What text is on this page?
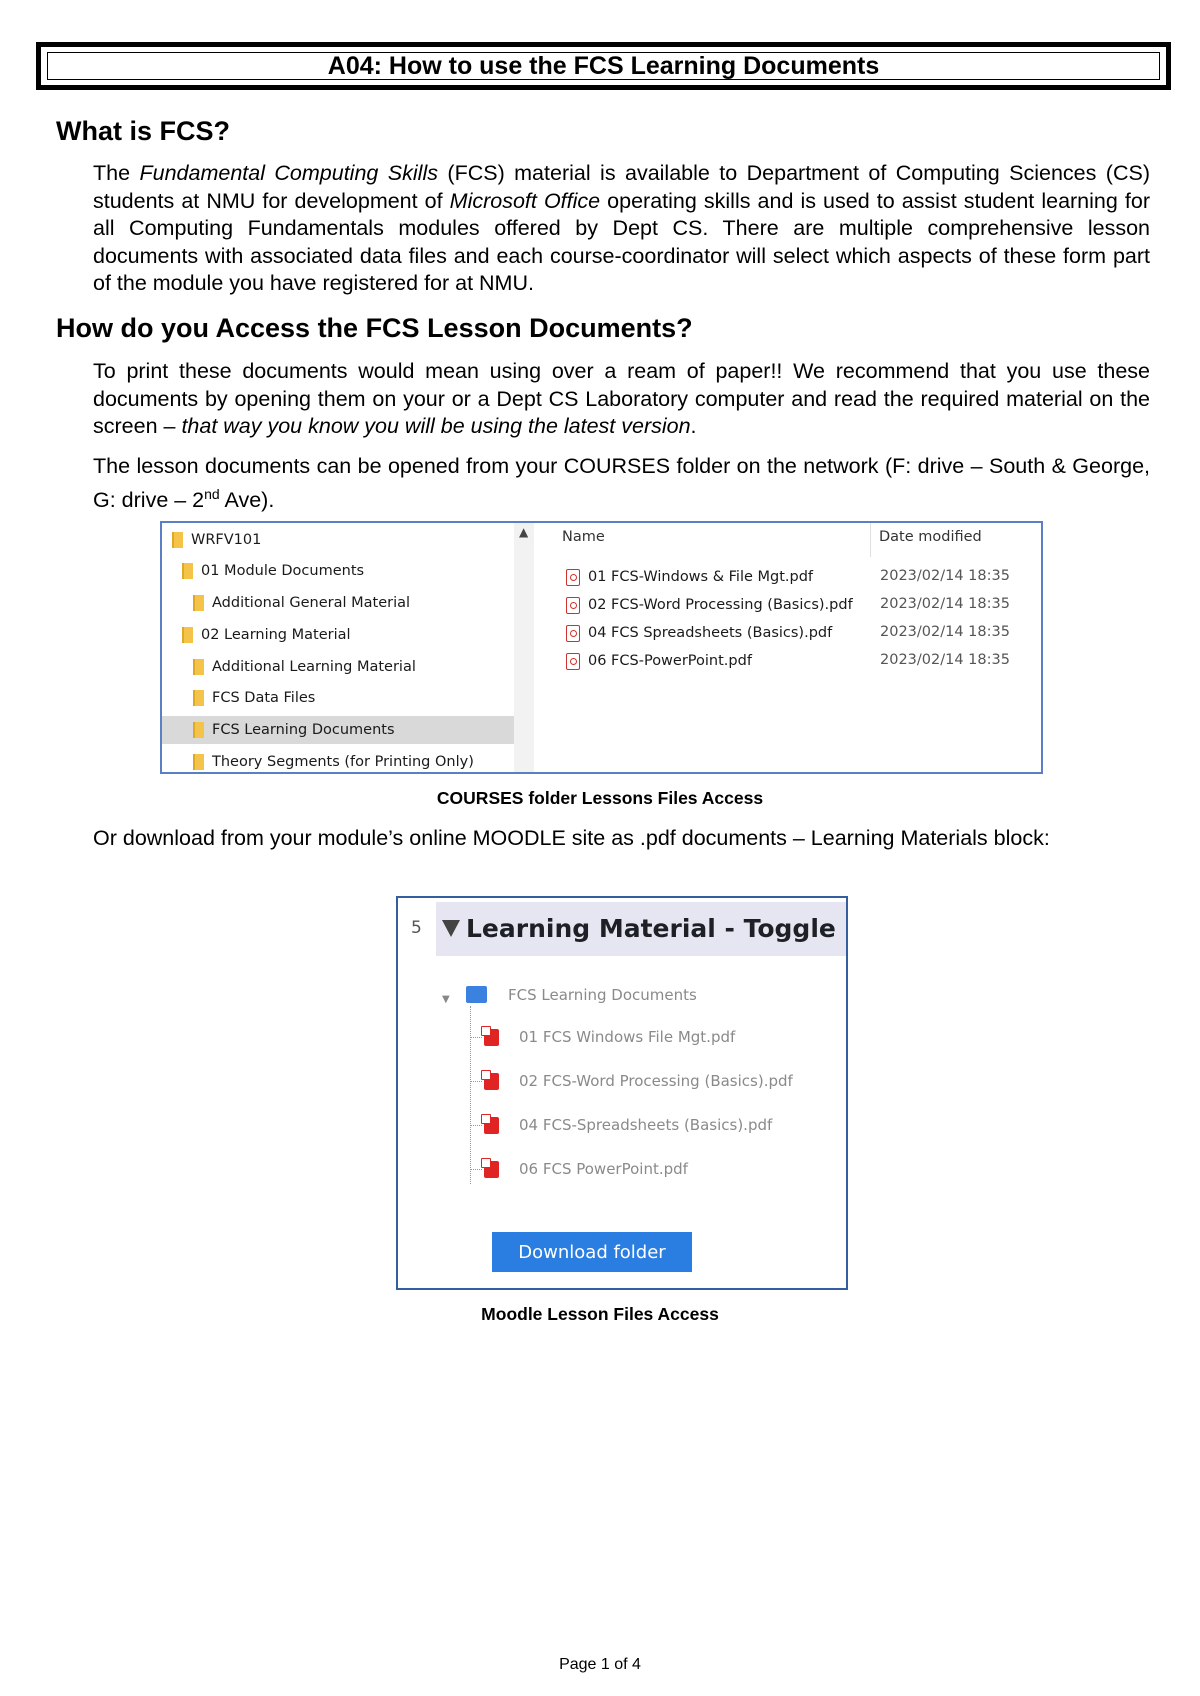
A04: How to use the FCS Learning Documents
What is FCS?

The Fundamental Computing Skills (FCS) material is available to Department of Computing Sciences (CS) students at NMU for development of Microsoft Office operating skills and is used to assist student learning for all Computing Fundamentals modules offered by Dept CS. There are multiple comprehensive lesson documents with associated data files and each course-coordinator will select which aspects of these form part of the module you have registered for at NMU.

How do you Access the FCS Lesson Documents?

To print these documents would mean using over a ream of paper!! We recommend that you use these documents by opening them on your or a Dept CS Laboratory computer and read the required material on the screen – that way you know you will be using the latest version.

The lesson documents can be opened from your COURSES folder on the network (F: drive – South & George, G: drive – 2nd Ave).

WRFV101
01 Module Documents
Additional General Material
02 Learning Material
Additional Learning Material
FCS Data Files
FCS Learning Documents
Theory Segments (for Printing Only)
▲ Name	Date modified
01 FCS-Windows & File Mgt.pdf
02 FCS-Word Processing (Basics).pdf
04 FCS Spreadsheets (Basics).pdf
06 FCS-PowerPoint.pdf
2023/02/14 18:35
2023/02/14 18:35
2023/02/14 18:35
2023/02/14 18:35
COURSES folder Lessons Files Access

Or download from your module’s online MOODLE site as .pdf documents – Learning Materials block:

5 Learning Material - Toggle
▼	FCS Learning Documents
01 FCS Windows File Mgt.pdf
02 FCS-Word Processing (Basics).pdf
04 FCS-Spreadsheets (Basics).pdf
06 FCS PowerPoint.pdf
Download folder
Moodle Lesson Files Access
Page 1 of 4
